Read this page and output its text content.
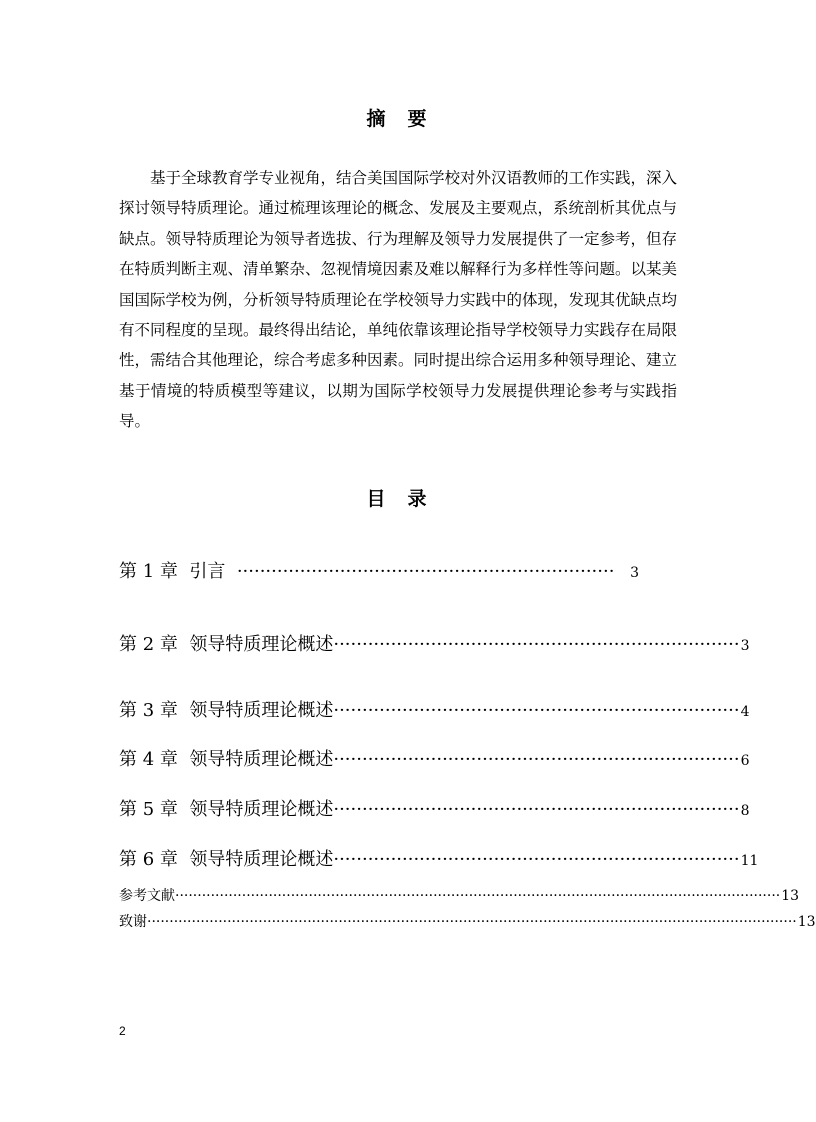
摘 要

基于全球教育学专业视角，结合美国国际学校对外汉语教师的工作实践，深入探讨领导特质理论。通过梳理该理论的概念、发展及主要观点，系统剖析其优点与缺点。领导特质理论为领导者选拔、行为理解及领导力发展提供了一定参考，但存在特质判断主观、清单繁杂、忽视情境因素及难以解释行为多样性等问题。以某美国国际学校为例，分析领导特质理论在学校领导力实践中的体现，发现其优缺点均有不同程度的呈现。最终得出结论，单纯依靠该理论指导学校领导力实践存在局限性，需结合其他理论，综合考虑多种因素。同时提出综合运用多种领导理论、建立基于情境的特质模型等建议，以期为国际学校领导力发展提供理论参考与实践指导。

目 录
第 1 章 引言 ··································································	3
第 2 章 领导特质理论概述 ······································································· 3
第 3 章 领导特质理论概述 ······································································· 4
第 4 章 领导特质理论概述 ······································································· 6
第 5 章 领导特质理论概述 ······································································· 8
第 6 章 领导特质理论概述 ······································································· 11
参考文献 ········································································································································ 13
致谢 ·················································································································································· 13
2
